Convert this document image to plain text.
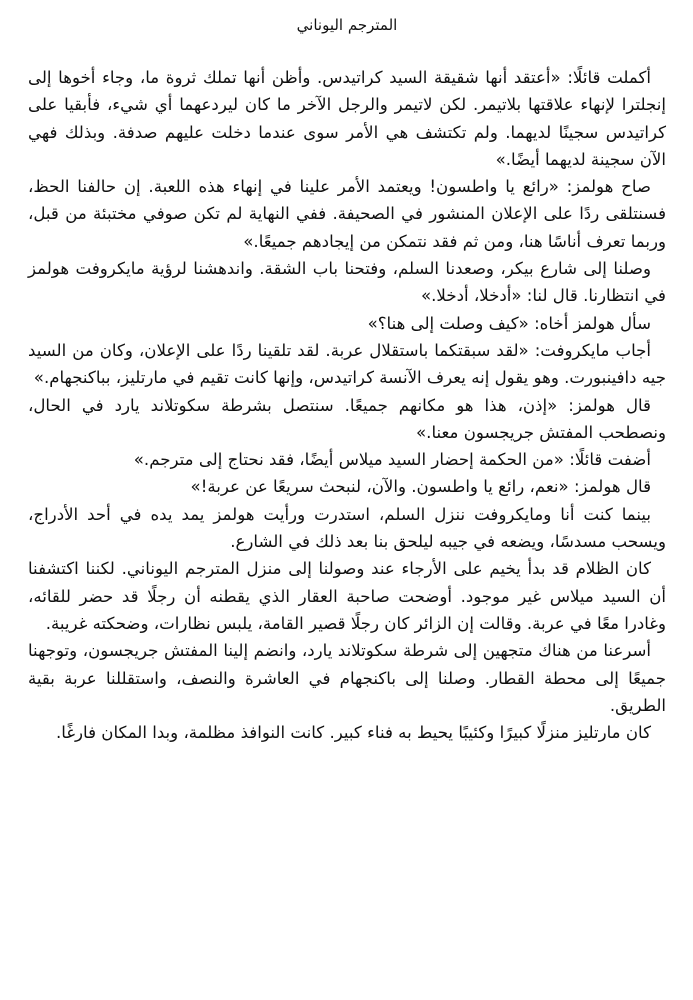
المترجم اليوناني

أكملت قائلًا: «أعتقد أنها شقيقة السيد كراتيدس. وأظن أنها تملك ثروة ما، وجاء أخوها إلى إنجلترا لإنهاء علاقتها بلاتيمر. لكن لاتيمر والرجل الآخر ما كان ليردعهما أي شيء، فأبقيا على كراتيدس سجينًا لديهما. ولم تكتشف هي الأمر سوى عندما دخلت عليهم صدفة. وبذلك فهي الآن سجينة لديهما أيضًا.»

صاح هولمز: «رائع يا واطسون! ويعتمد الأمر علينا في إنهاء هذه اللعبة. إن حالفنا الحظ، فسنتلقى ردًا على الإعلان المنشور في الصحيفة. ففي النهاية لم تكن صوفي مختبئة من قبل، وربما تعرف أناسًا هنا، ومن ثم فقد نتمكن من إيجادهم جميعًا.»

وصلنا إلى شارع بيكر، وصعدنا السلم، وفتحنا باب الشقة. واندهشنا لرؤية مايكروفت هولمز في انتظارنا. قال لنا: «أدخلا، أدخلا.»

سأل هولمز أخاه: «كيف وصلت إلى هنا؟»

أجاب مايكروفت: «لقد سبقتكما باستقلال عربة. لقد تلقينا ردًا على الإعلان، وكان من السيد جيه دافينبورت. وهو يقول إنه يعرف الآنسة كراتيدس، وإنها كانت تقيم في مارتليز، بباكنجهام.»

قال هولمز: «إذن، هذا هو مكانهم جميعًا. سنتصل بشرطة سكوتلاند يارد في الحال، ونصطحب المفتش جريجسون معنا.»

أضفت قائلًا: «من الحكمة إحضار السيد ميلاس أيضًا، فقد نحتاج إلى مترجم.»

قال هولمز: «نعم، رائع يا واطسون. والآن، لنبحث سريعًا عن عربة!»

بينما كنت أنا ومايكروفت ننزل السلم، استدرت ورأيت هولمز يمد يده في أحد الأدراج، ويسحب مسدسًا، ويضعه في جيبه ليلحق بنا بعد ذلك في الشارع.

كان الظلام قد بدأ يخيم على الأرجاء عند وصولنا إلى منزل المترجم اليوناني. لكننا اكتشفنا أن السيد ميلاس غير موجود. أوضحت صاحبة العقار الذي يقطنه أن رجلًا قد حضر للقائه، وغادرا معًا في عربة. وقالت إن الزائر كان رجلًا قصير القامة، يلبس نظارات، وضحكته غريبة.

أسرعنا من هناك متجهين إلى شرطة سكوتلاند يارد، وانضم إلينا المفتش جريجسون، وتوجهنا جميعًا إلى محطة القطار. وصلنا إلى باكنجهام في العاشرة والنصف، واستقللنا عربة بقية الطريق.

كان مارتليز منزلًا كبيرًا وكئيبًا يحيط به فناء كبير. كانت النوافذ مظلمة، وبدا المكان فارغًا.
